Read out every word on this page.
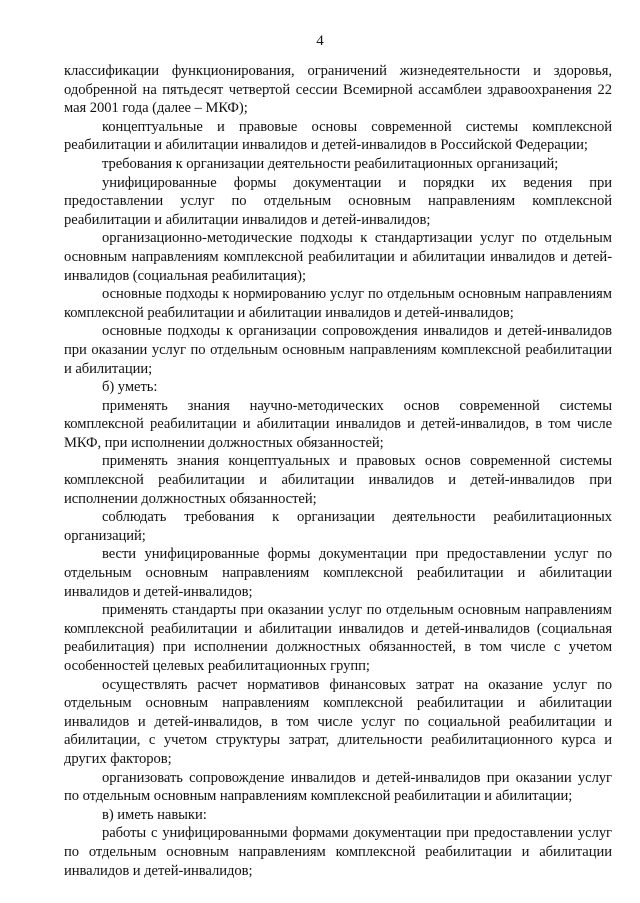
4

классификации функционирования, ограничений жизнедеятельности и здоровья, одобренной на пятьдесят четвертой сессии Всемирной ассамблеи здравоохранения 22 мая 2001 года (далее – МКФ);

концептуальные и правовые основы современной системы комплексной реабилитации и абилитации инвалидов и детей-инвалидов в Российской Федерации;

требования к организации деятельности реабилитационных организаций;

унифицированные формы документации и порядки их ведения при предоставлении услуг по отдельным основным направлениям комплексной реабилитации и абилитации инвалидов и детей-инвалидов;

организационно-методические подходы к стандартизации услуг по отдельным основным направлениям комплексной реабилитации и абилитации инвалидов и детей-инвалидов (социальная реабилитация);

основные подходы к нормированию услуг по отдельным основным направлениям комплексной реабилитации и абилитации инвалидов и детей-инвалидов;

основные подходы к организации сопровождения инвалидов и детей-инвалидов при оказании услуг по отдельным основным направлениям комплексной реабилитации и абилитации;

б) уметь:

применять знания научно-методических основ современной системы комплексной реабилитации и абилитации инвалидов и детей-инвалидов, в том числе МКФ, при исполнении должностных обязанностей;

применять знания концептуальных и правовых основ современной системы комплексной реабилитации и абилитации инвалидов и детей-инвалидов при исполнении должностных обязанностей;

соблюдать требования к организации деятельности реабилитационных организаций;

вести унифицированные формы документации при предоставлении услуг по отдельным основным направлениям комплексной реабилитации и абилитации инвалидов и детей-инвалидов;

применять стандарты при оказании услуг по отдельным основным направлениям комплексной реабилитации и абилитации инвалидов и детей-инвалидов (социальная реабилитация) при исполнении должностных обязанностей, в том числе с учетом особенностей целевых реабилитационных групп;

осуществлять расчет нормативов финансовых затрат на оказание услуг по отдельным основным направлениям комплексной реабилитации и абилитации инвалидов и детей-инвалидов, в том числе услуг по социальной реабилитации и абилитации, с учетом структуры затрат, длительности реабилитационного курса и других факторов;

организовать сопровождение инвалидов и детей-инвалидов при оказании услуг по отдельным основным направлениям комплексной реабилитации и абилитации;

в) иметь навыки:

работы с унифицированными формами документации при предоставлении услуг по отдельным основным направлениям комплексной реабилитации и абилитации инвалидов и детей-инвалидов;
